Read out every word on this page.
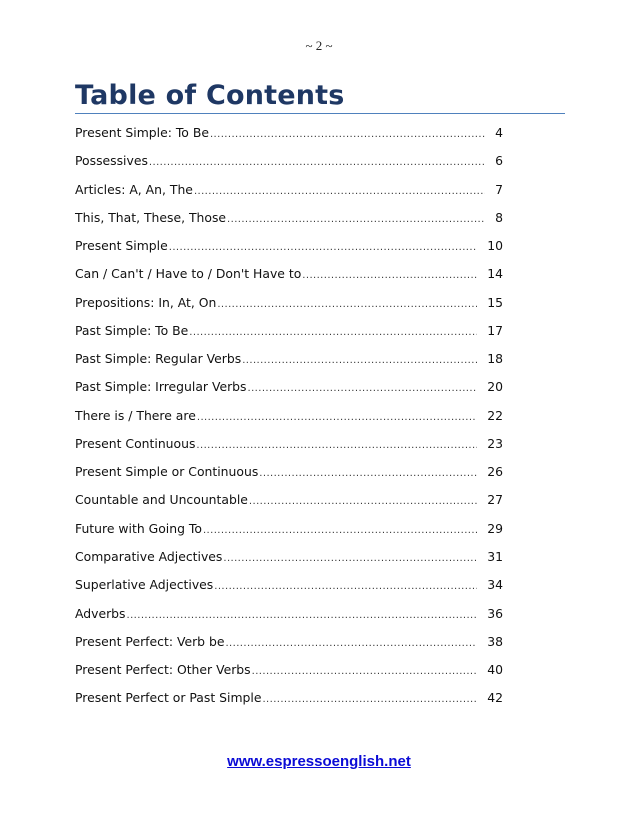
~ 2 ~
Table of Contents
Present Simple: To Be .....	4
Possessives .....	6
Articles: A, An, The .....	7
This, That, These, Those .....	8
Present Simple .....	10
Can / Can't / Have to / Don't Have to .....	14
Prepositions: In, At, On .....	15
Past Simple: To Be .....	17
Past Simple: Regular Verbs .....	18
Past Simple: Irregular Verbs .....	20
There is / There are .....	22
Present Continuous .....	23
Present Simple or Continuous .....	26
Countable and Uncountable .....	27
Future with Going To .....	29
Comparative Adjectives .....	31
Superlative Adjectives .....	34
Adverbs .....	36
Present Perfect: Verb be .....	38
Present Perfect: Other Verbs .....	40
Present Perfect or Past Simple .....	42
www.espressoenglish.net
